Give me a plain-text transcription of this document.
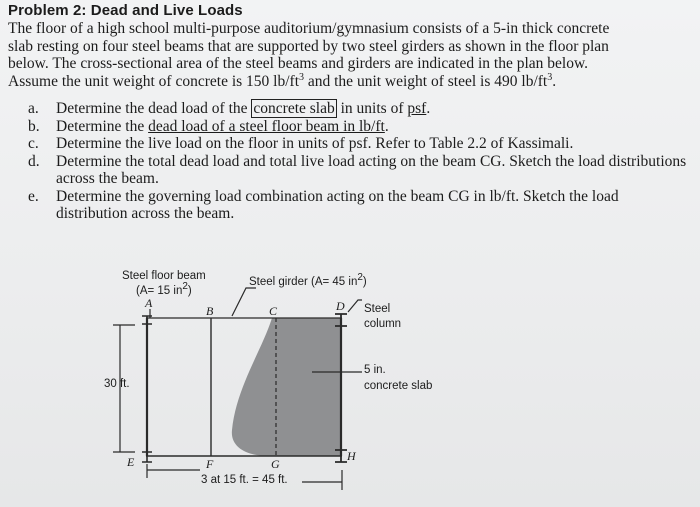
Problem 2: Dead and Live Loads
The floor of a high school multi-purpose auditorium/gymnasium consists of a 5-in thick concrete
slab resting on four steel beams that are supported by two steel girders as shown in the floor plan
below. The cross-sectional area of the steel beams and girders are indicated in the plan below.
Assume the unit weight of concrete is 150 $lb/ft^3$ and the unit weight of steel is 490 $lb/ft^3$.
a.	Determine the dead load of the concrete slab in units of psf.
b.	Determine the dead load of a steel floor beam in lb/ft.
c.	Determine the live load on the floor in units of psf. Refer to Table 2.2 of Kassimali.
d.	Determine the total dead load and total live load acting on the beam CG. Sketch the load distributions across the beam.
e.	Determine the governing load combination acting on the beam CG in lb/ft. Sketch the load distribution across the beam.
Steel floor beam
(A= 15 $in^2$)
Steel girder (A= 45 $in^2$)
A
B	C	D
E	F	G
H
Steel
column
30 ft.
5 in.
concrete slab
3 at 15 ft. = 45 ft.
